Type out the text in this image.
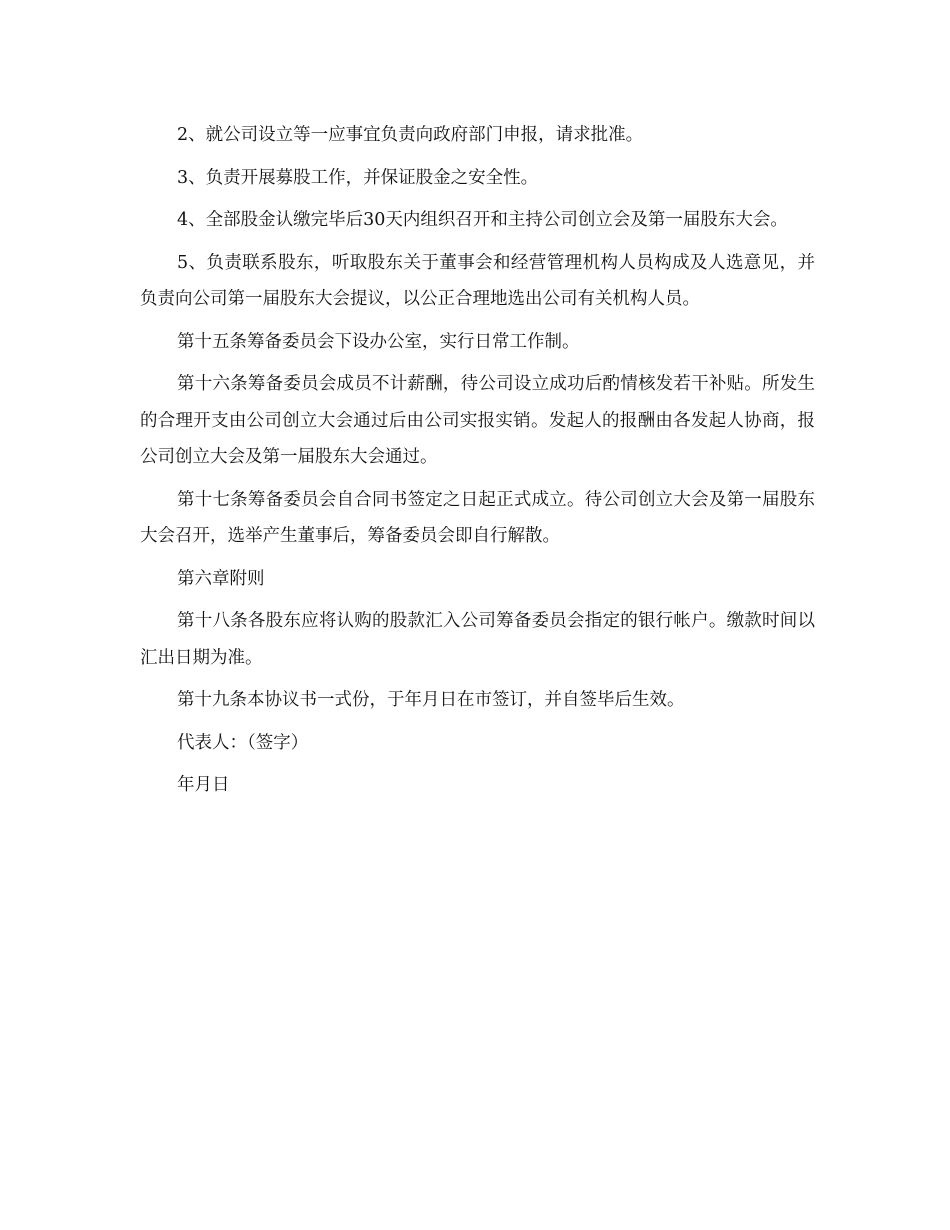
2、就公司设立等一应事宜负责向政府部门申报，请求批准。

3、负责开展募股工作，并保证股金之安全性。

4、全部股金认缴完毕后30天内组织召开和主持公司创立会及第一届股东大会。

5、负责联系股东，听取股东关于董事会和经营管理机构人员构成及人选意见，并负责向公司第一届股东大会提议，以公正合理地选出公司有关机构人员。

第十五条筹备委员会下设办公室，实行日常工作制。

第十六条筹备委员会成员不计薪酬，待公司设立成功后酌情核发若干补贴。所发生的合理开支由公司创立大会通过后由公司实报实销。发起人的报酬由各发起人协商，报公司创立大会及第一届股东大会通过。

第十七条筹备委员会自合同书签定之日起正式成立。待公司创立大会及第一届股东大会召开，选举产生董事后，筹备委员会即自行解散。

第六章附则

第十八条各股东应将认购的股款汇入公司筹备委员会指定的银行帐户。缴款时间以汇出日期为准。

第十九条本协议书一式份，于年月日在市签订，并自签毕后生效。

代表人：（签字）

年月日
